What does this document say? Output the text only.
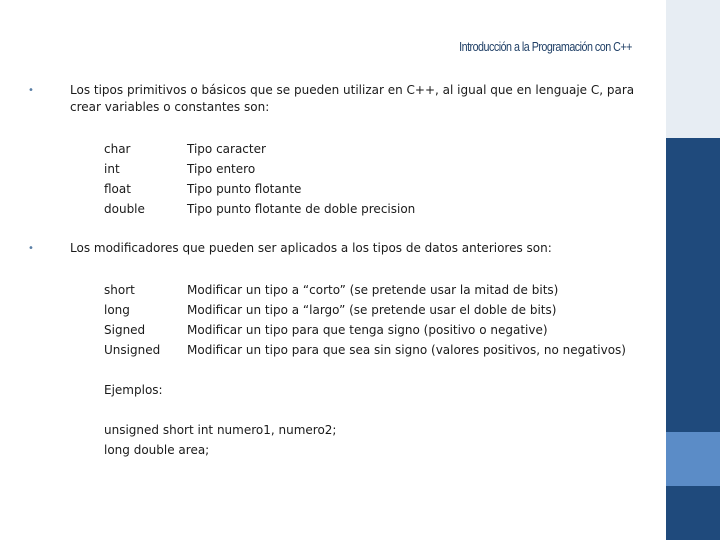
Introducción a la Programación con C++
•	Los tipos primitivos o básicos que se pueden utilizar en C++, al igual que en lenguaje C, para crear variables o constantes son:
char	Tipo caracter
int	Tipo entero
float	Tipo punto flotante
double	Tipo punto flotante de doble precision
•	Los modificadores que pueden ser aplicados a los tipos de datos anteriores son:
short	Modificar un tipo a “corto” (se pretende usar la mitad de bits)
long	Modificar un tipo a “largo” (se pretende usar el doble de bits)
Signed	Modificar un tipo para que tenga signo (positivo o negative)
Unsigned	Modificar un tipo para que sea sin signo (valores positivos, no negativos)
Ejemplos:
unsigned short int numero1, numero2;
long double area;
